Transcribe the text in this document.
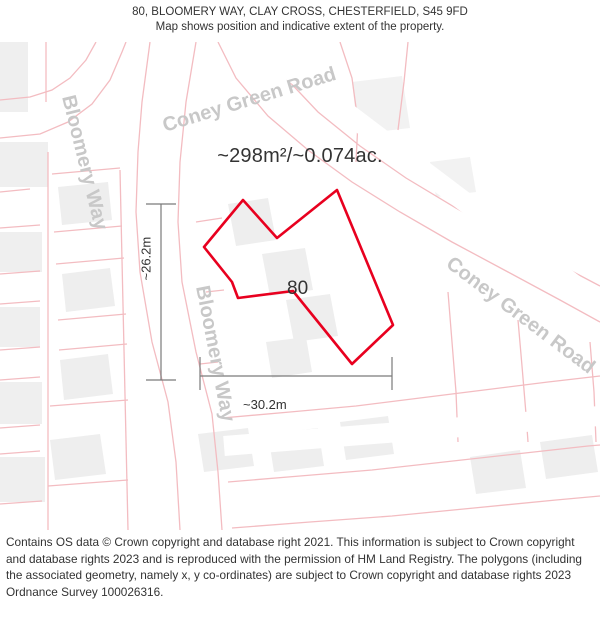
80, BLOOMERY WAY, CLAY CROSS, CHESTERFIELD, S45 9FD
Map shows position and indicative extent of the property.
Coney Green Road
Coney Green Road
Bloomery Way
Bloomery Way
~298m²/~0.074ac.
80
~26.2m
~30.2m
Contains OS data © Crown copyright and database right 2021. This information is subject to Crown copyright and database rights 2023 and is reproduced with the permission of HM Land Registry. The polygons (including the associated geometry, namely x, y co-ordinates) are subject to Crown copyright and database rights 2023 Ordnance Survey 100026316.
